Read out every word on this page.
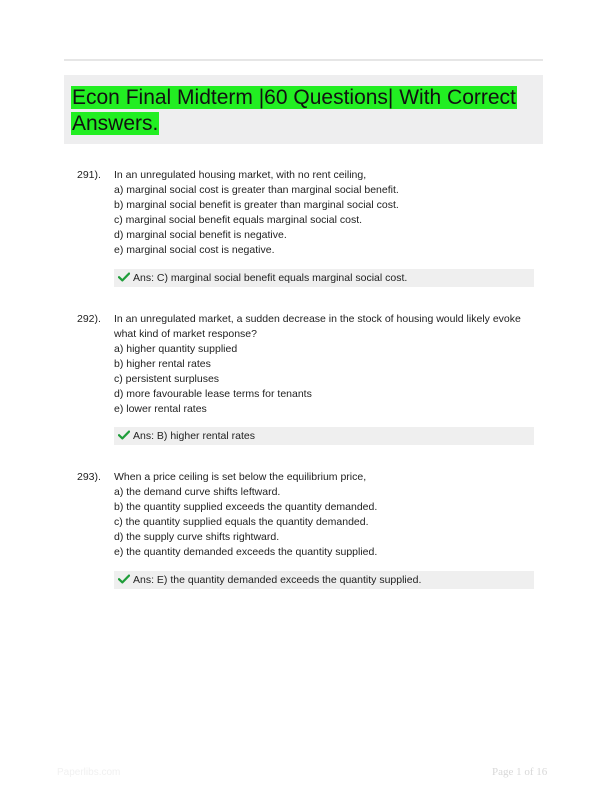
Econ Final Midterm |60 Questions| With Correct Answers.
291). In an unregulated housing market, with no rent ceiling,
a) marginal social cost is greater than marginal social benefit.
b) marginal social benefit is greater than marginal social cost.
c) marginal social benefit equals marginal social cost.
d) marginal social benefit is negative.
e) marginal social cost is negative.
Ans: C) marginal social benefit equals marginal social cost.
292). In an unregulated market, a sudden decrease in the stock of housing would likely evoke
what kind of market response?
a) higher quantity supplied
b) higher rental rates
c) persistent surpluses
d) more favourable lease terms for tenants
e) lower rental rates
Ans: B) higher rental rates
293). When a price ceiling is set below the equilibrium price,
a) the demand curve shifts leftward.
b) the quantity supplied exceeds the quantity demanded.
c) the quantity supplied equals the quantity demanded.
d) the supply curve shifts rightward.
e) the quantity demanded exceeds the quantity supplied.
Ans: E) the quantity demanded exceeds the quantity supplied.
Paperlibs.com	Page 1 of 16
